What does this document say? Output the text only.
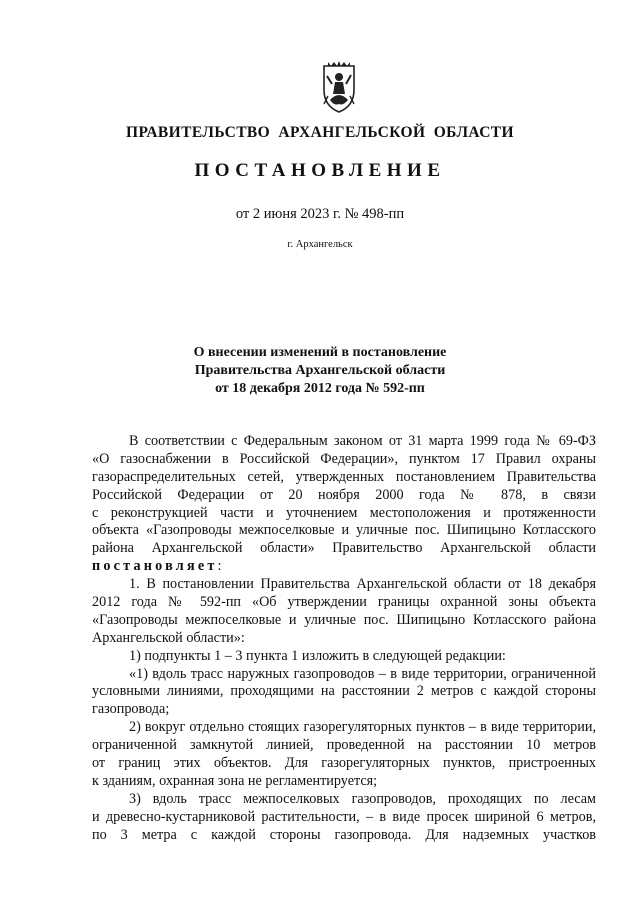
ПРАВИТЕЛЬСТВО АРХАНГЕЛЬСКОЙ ОБЛАСТИ
ПОСТАНОВЛЕНИЕ
от 2 июня 2023 г. № 498-пп
г. Архангельск
О внесении изменений в постановление
Правительства Архангельской области
от 18 декабря 2012 года № 592-пп
В соответствии с Федеральным законом от 31 марта 1999 года № 69-ФЗ
«О газоснабжении в Российской Федерации», пунктом 17 Правил охраны
газораспределительных сетей, утвержденных постановлением Правительства
Российской Федерации от 20 ноября 2000 года № 878, в связи
с реконструкцией части и уточнением местоположения и протяженности
объекта «Газопроводы межпоселковые и уличные пос. Шипицыно Котласского
района Архангельской области» Правительство Архангельской области
постановляет:
1. В постановлении Правительства Архангельской области от 18 декабря
2012 года № 592-пп «Об утверждении границы охранной зоны объекта
«Газопроводы межпоселковые и уличные пос. Шипицыно Котласского района
Архангельской области»:
1) подпункты 1 – 3 пункта 1 изложить в следующей редакции:
«1) вдоль трасс наружных газопроводов – в виде территории, ограниченной
условными линиями, проходящими на расстоянии 2 метров с каждой стороны
газопровода;
2) вокруг отдельно стоящих газорегуляторных пунктов – в виде территории,
ограниченной замкнутой линией, проведенной на расстоянии 10 метров
от границ этих объектов. Для газорегуляторных пунктов, пристроенных
к зданиям, охранная зона не регламентируется;
3) вдоль трасс межпоселковых газопроводов, проходящих по лесам
и древесно-кустарниковой растительности, – в виде просек шириной 6 метров,
по 3 метра с каждой стороны газопровода. Для надземных участков
